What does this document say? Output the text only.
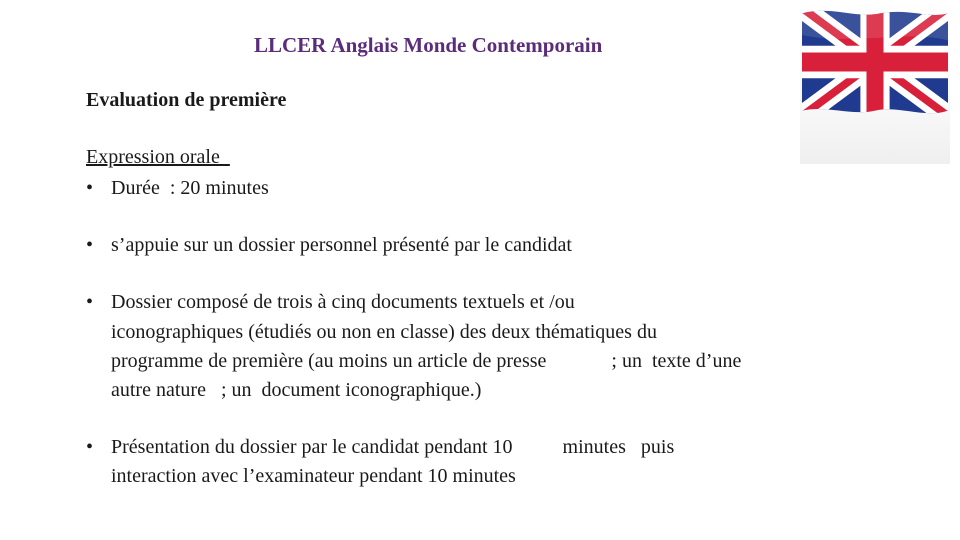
LLCER Anglais Monde Contemporain
Evaluation de première
Expression orale
• Durée  : 20 minutes
• s’appuie sur un dossier personnel présenté par le candidat
• Dossier composé de trois à cinq documents textuels et /ou
iconographiques (étudiés ou non en classe) des deux thématiques du
programme de première (au moins un article de presse             ; un  texte d’une
autre nature   ; un  document iconographique.)
• Présentation du dossier par le candidat pendant 10          minutes   puis
interaction avec l’examinateur pendant 10 minutes
